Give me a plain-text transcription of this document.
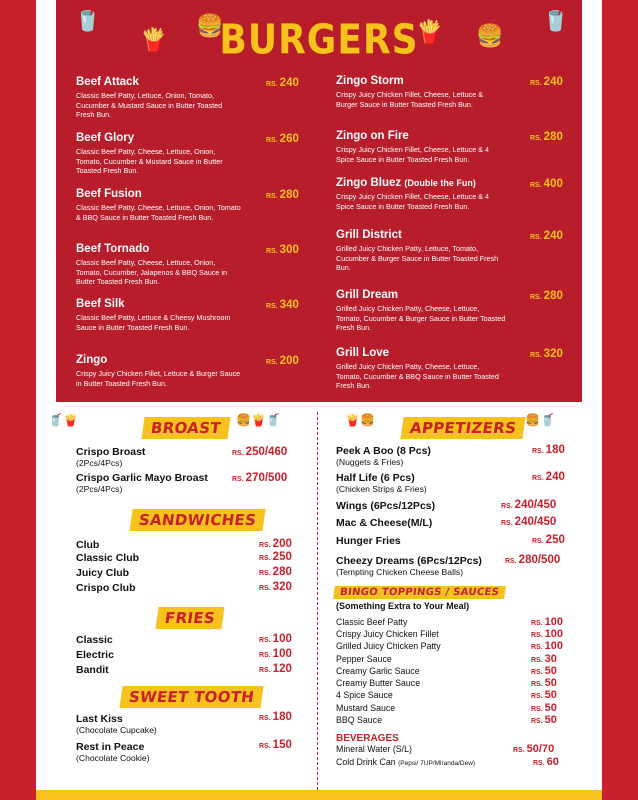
🥤
🍟
🍔	🍟 🍔
🥤
BURGERS
Beef Attack
Classic Beef Patty, Lettuce, Onion, Tomato, Cucumber & Mustard Sauce in Butter Toasted Fresh Bun.
RS. 240
Beef Glory
Classic Beef Patty, Cheese, Lettuce, Onion, Tomato, Cucumber & Mustard Sauce in Butter Toasted Fresh Bun.
RS. 260
Beef Fusion
Classic Beef Patty, Cheese, Lettuce, Onion, Tomato & BBQ Sauce in Butter Toasted Fresh Bun.
RS. 280
Beef Tornado
Classic Beef Patty, Cheese, Lettuce, Onion, Tomato, Cucumber, Jalapenos & BBQ Sauce in Butter Toasted Fresh Bun.
RS. 300
Beef Silk
Classic Beef Patty, Lettuce & Cheesy Mushroom Sauce in Butter Toasted Fresh Bun.
RS. 340
Zingo
Crispy Juicy Chicken Fillet, Lettuce & Burger Sauce in Butter Toasted Fresh Bun.
RS. 200
Zingo Storm
Crispy Juicy Chicken Fillet, Cheese, Lettuce & Burger Sauce in Butter Toasted Fresh Bun.
RS. 240
Zingo on Fire
Crispy Juicy Chicken Fillet, Cheese, Lettuce & 4 Spice Sauce in Butter Toasted Fresh Bun.
RS. 280
Zingo Bluez (Double the Fun)
Crispy Juicy Chicken Fillet, Cheese, Lettuce & 4 Spice Sauce in Butter Toasted Fresh Bun.
RS. 400
Grill District
Grilled Juicy Chicken Patty, Lettuce, Tomato, Cucumber & Burger Sauce in Butter Toasted Fresh Bun.
RS. 240
Grill Dream
Grilled Juicy Chicken Patty, Cheese, Lettuce, Tomato, Cucumber & Burger Sauce in Butter Toasted Fresh Bun.
RS. 280
Grill Love
Grilled Juicy Chicken Patty, Cheese, Lettuce, Tomato, Cucumber & BBQ Sauce in Butter Toasted Fresh Bun.
RS. 320
🥤🍟	🍔🍟🥤	🍟🍔	🍔🥤
BROAST
Crispo Broast
(2Pcs/4Pcs)
RS. 250/460
Crispo Garlic Mayo Broast
(2Pcs/4Pcs)
RS. 270/500
SANDWICHES
Club	RS. 200
Classic Club	RS. 250
Juicy Club	RS. 280
Crispo Club	RS. 320
FRIES
Classic	RS. 100
Electric	RS. 100
Bandit	RS. 120
SWEET TOOTH
Last Kiss
(Chocolate Cupcake)
RS. 180
Rest in Peace
(Chocolate Cookie)
RS. 150
APPETIZERS
Peek A Boo (8 Pcs)
(Nuggets & Fries)
RS. 180
Half Life (6 Pcs)
(Chicken Strips & Fries)
RS. 240
Wings (6Pcs/12Pcs)	RS. 240/450
Mac & Cheese(M/L)	RS. 240/450
Hunger Fries	RS. 250
Cheezy Dreams (6Pcs/12Pcs)
(Tempting Chicken Cheese Balls)
RS. 280/500
BINGO TOPPINGS / SAUCES
(Something Extra to Your Meal)
Classic Beef Patty	RS. 100
Crispy Juicy Chicken Fillet	RS. 100
Grilled Juicy Chicken Patty	RS. 100
Pepper Sauce	RS. 30
Creamy Garlic Sauce	RS. 50
Creamy Butter Sauce	RS. 50
4 Spice Sauce	RS. 50
Mustard Sauce	RS. 50
BBQ Sauce	RS. 50
BEVERAGES
Mineral Water (S/L)	RS. 50/70
Cold Drink Can (Pepsi/ 7UP/Miranda/Dew)	RS. 60
